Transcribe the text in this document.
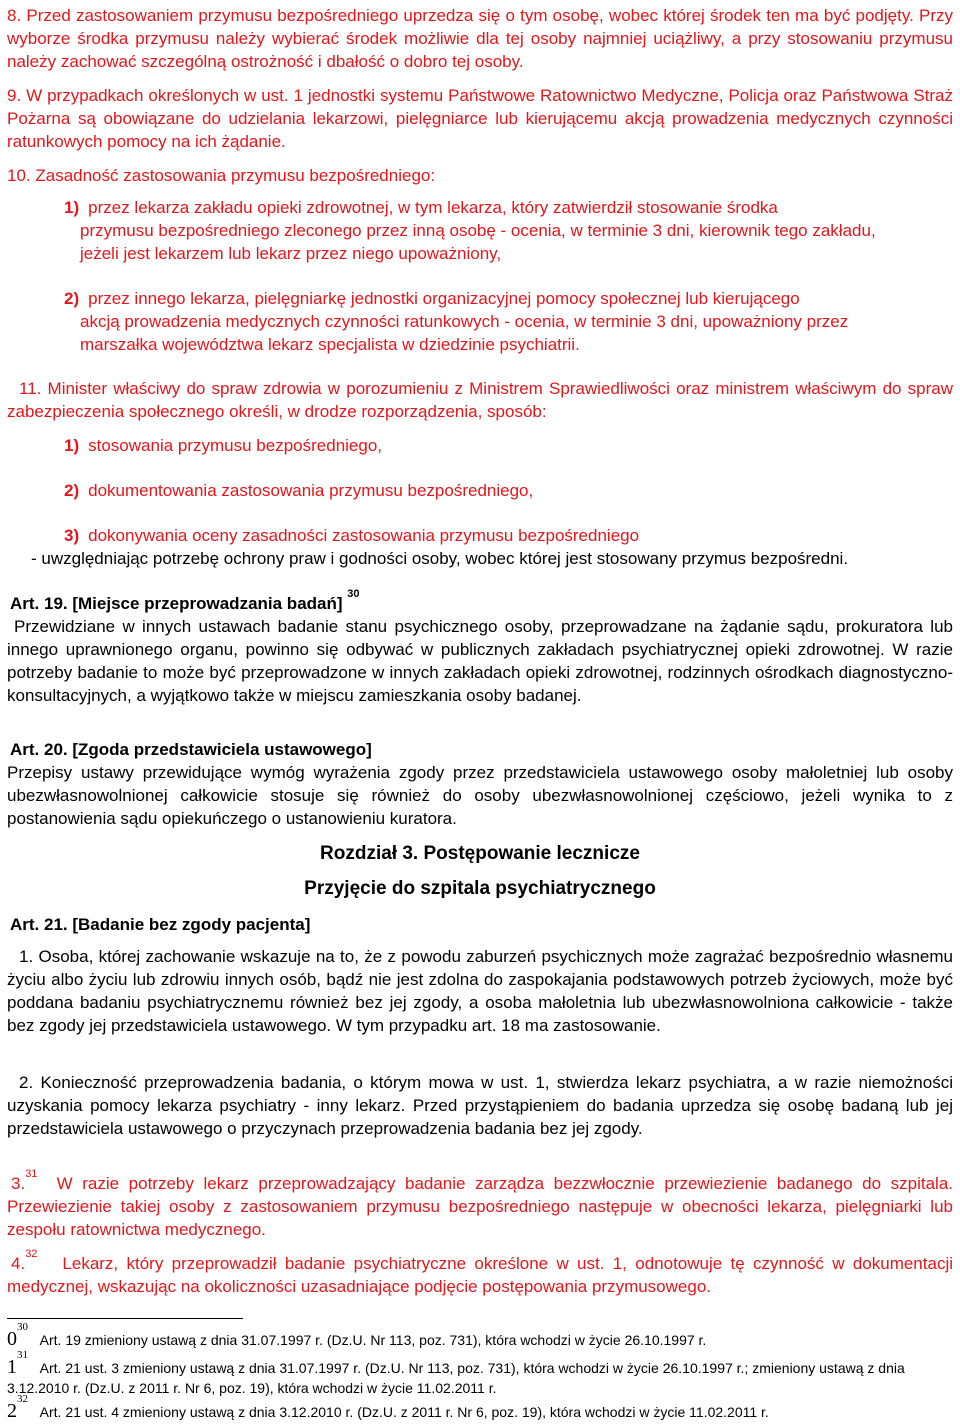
8. Przed zastosowaniem przymusu bezpośredniego uprzedza się o tym osobę, wobec której środek ten ma być podjęty. Przy wyborze środka przymusu należy wybierać środek możliwie dla tej osoby najmniej uciążliwy, a przy stosowaniu przymusu należy zachować szczególną ostrożność i dbałość o dobro tej osoby.

9. W przypadkach określonych w ust. 1 jednostki systemu Państwowe Ratownictwo Medyczne, Policja oraz Państwowa Straż Pożarna są obowiązane do udzielania lekarzowi, pielęgniarce lub kierującemu akcją prowadzenia medycznych czynności ratunkowych pomocy na ich żądanie.

10. Zasadność zastosowania przymusu bezpośredniego:

1) przez lekarza zakładu opieki zdrowotnej, w tym lekarza, który zatwierdził stosowanie środka

przymusu bezpośredniego zleconego przez inną osobę - ocenia, w terminie 3 dni, kierownik tego zakładu, jeżeli jest lekarzem lub lekarz przez niego upoważniony,

2) przez innego lekarza, pielęgniarkę jednostki organizacyjnej pomocy społecznej lub kierującego

akcją prowadzenia medycznych czynności ratunkowych - ocenia, w terminie 3 dni, upoważniony przez marszałka województwa lekarz specjalista w dziedzinie psychiatrii.

11. Minister właściwy do spraw zdrowia w porozumieniu z Ministrem Sprawiedliwości oraz ministrem właściwym do spraw zabezpieczenia społecznego określi, w drodze rozporządzenia, sposób:

1) stosowania przymusu bezpośredniego,
2) dokumentowania zastosowania przymusu bezpośredniego,
3) dokonywania oceny zasadności zastosowania przymusu bezpośredniego

- uwzględniając potrzebę ochrony praw i godności osoby, wobec której jest stosowany przymus bezpośredni.

Art. 19. [Miejsce przeprowadzania badań] $^{30}$

Przewidziane w innych ustawach badanie stanu psychicznego osoby, przeprowadzane na żądanie sądu, prokuratora lub innego uprawnionego organu, powinno się odbywać w publicznych zakładach psychiatrycznej opieki zdrowotnej. W razie potrzeby badanie to może być przeprowadzone w innych zakładach opieki zdrowotnej, rodzinnych ośrodkach diagnostyczno-konsultacyjnych, a wyjątkowo także w miejscu zamieszkania osoby badanej.

Art. 20. [Zgoda przedstawiciela ustawowego]

Przepisy ustawy przewidujące wymóg wyrażenia zgody przez przedstawiciela ustawowego osoby małoletniej lub osoby ubezwłasnowolnionej całkowicie stosuje się również do osoby ubezwłasnowolnionej częściowo, jeżeli wynika to z postanowienia sądu opiekuńczego o ustanowieniu kuratora.

Rozdział 3. Postępowanie lecznicze
Przyjęcie do szpitala psychiatrycznego
Art. 21. [Badanie bez zgody pacjenta]

1. Osoba, której zachowanie wskazuje na to, że z powodu zaburzeń psychicznych może zagrażać bezpośrednio własnemu życiu albo życiu lub zdrowiu innych osób, bądź nie jest zdolna do zaspokajania podstawowych potrzeb życiowych, może być poddana badaniu psychiatrycznemu również bez jej zgody, a osoba małoletnia lub ubezwłasnowolniona całkowicie - także bez zgody jej przedstawiciela ustawowego. W tym przypadku art. 18 ma zastosowanie.

2. Konieczność przeprowadzenia badania, o którym mowa w ust. 1, stwierdza lekarz psychiatra, a w razie niemożności uzyskania pomocy lekarza psychiatry - inny lekarz. Przed przystąpieniem do badania uprzedza się osobę badaną lub jej przedstawiciela ustawowego o przyczynach przeprowadzenia badania bez jej zgody.

3.31 W razie potrzeby lekarz przeprowadzający badanie zarządza bezzwłocznie przewiezienie badanego do szpitala. Przewiezienie takiej osoby z zastosowaniem przymusu bezpośredniego następuje w obecności lekarza, pielęgniarki lub zespołu ratownictwa medycznego.
4.32 Lekarz, który przeprowadził badanie psychiatryczne określone w ust. 1, odnotowuje tę czynność w dokumentacji medycznej, wskazując na okoliczności uzasadniające podjęcie postępowania przymusowego.
$0^{30}$   Art. 19 zmieniony ustawą z dnia 31.07.1997 r. (Dz.U. Nr 113, poz. 731), która wchodzi w życie 26.10.1997 r.
$1^{31}$   Art. 21 ust. 3 zmieniony ustawą z dnia 31.07.1997 r. (Dz.U. Nr 113, poz. 731), która wchodzi w życie 26.10.1997 r.; zmieniony ustawą z dnia 3.12.2010 r. (Dz.U. z 2011 r. Nr 6, poz. 19), która wchodzi w życie 11.02.2011 r.
$2^{32}$   Art. 21 ust. 4 zmieniony ustawą z dnia 3.12.2010 r. (Dz.U. z 2011 r. Nr 6, poz. 19), która wchodzi w życie 11.02.2011 r.
